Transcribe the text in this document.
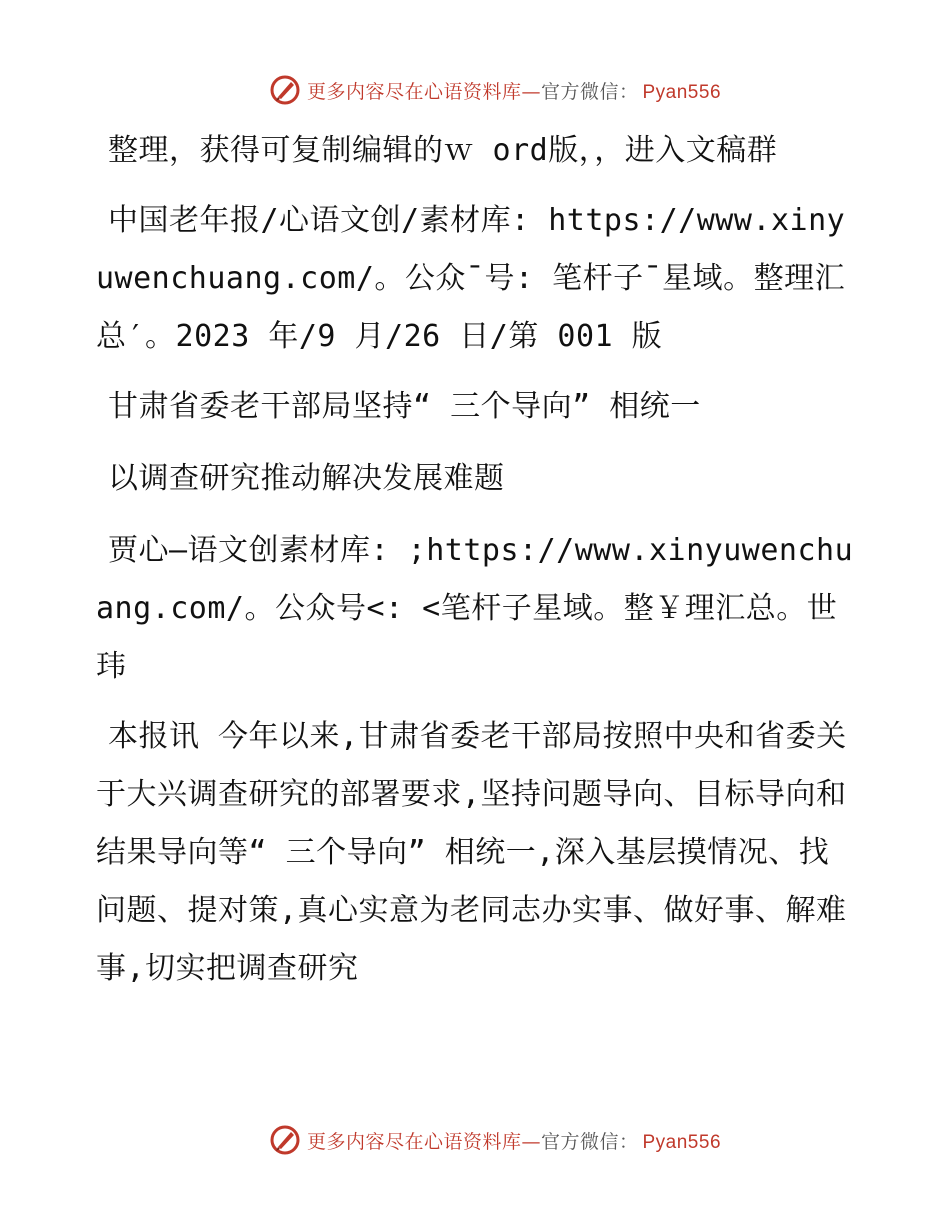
更多内容尽在心语资料库—官方微信： Pyan556

整理，获得可复制编辑的ｗ ord版，，进入文稿群

中国老年报/心语文创/素材库: https://www.xinyuwenchuang.com/。公众¯号: 笔杆子¯星域。整理汇总′。2023 年/9 月/26 日/第 001 版

甘肃省委老干部局坚持“ 三个导向” 相统一

以调查研究推动解决发展难题

贾心—语文创素材库: ;https://www.xinyuwenchuang.com/。公众号<: <笔杆子星域。整￥理汇总。世玮

本报讯 今年以来,甘肃省委老干部局按照中央和省委关于大兴调查研究的部署要求,坚持问题导向、目标导向和结果导向等“ 三个导向” 相统一,深入基层摸情况、找问题、提对策,真心实意为老同志办实事、做好事、解难事,切实把调查研究

更多内容尽在心语资料库—官方微信： Pyan556
